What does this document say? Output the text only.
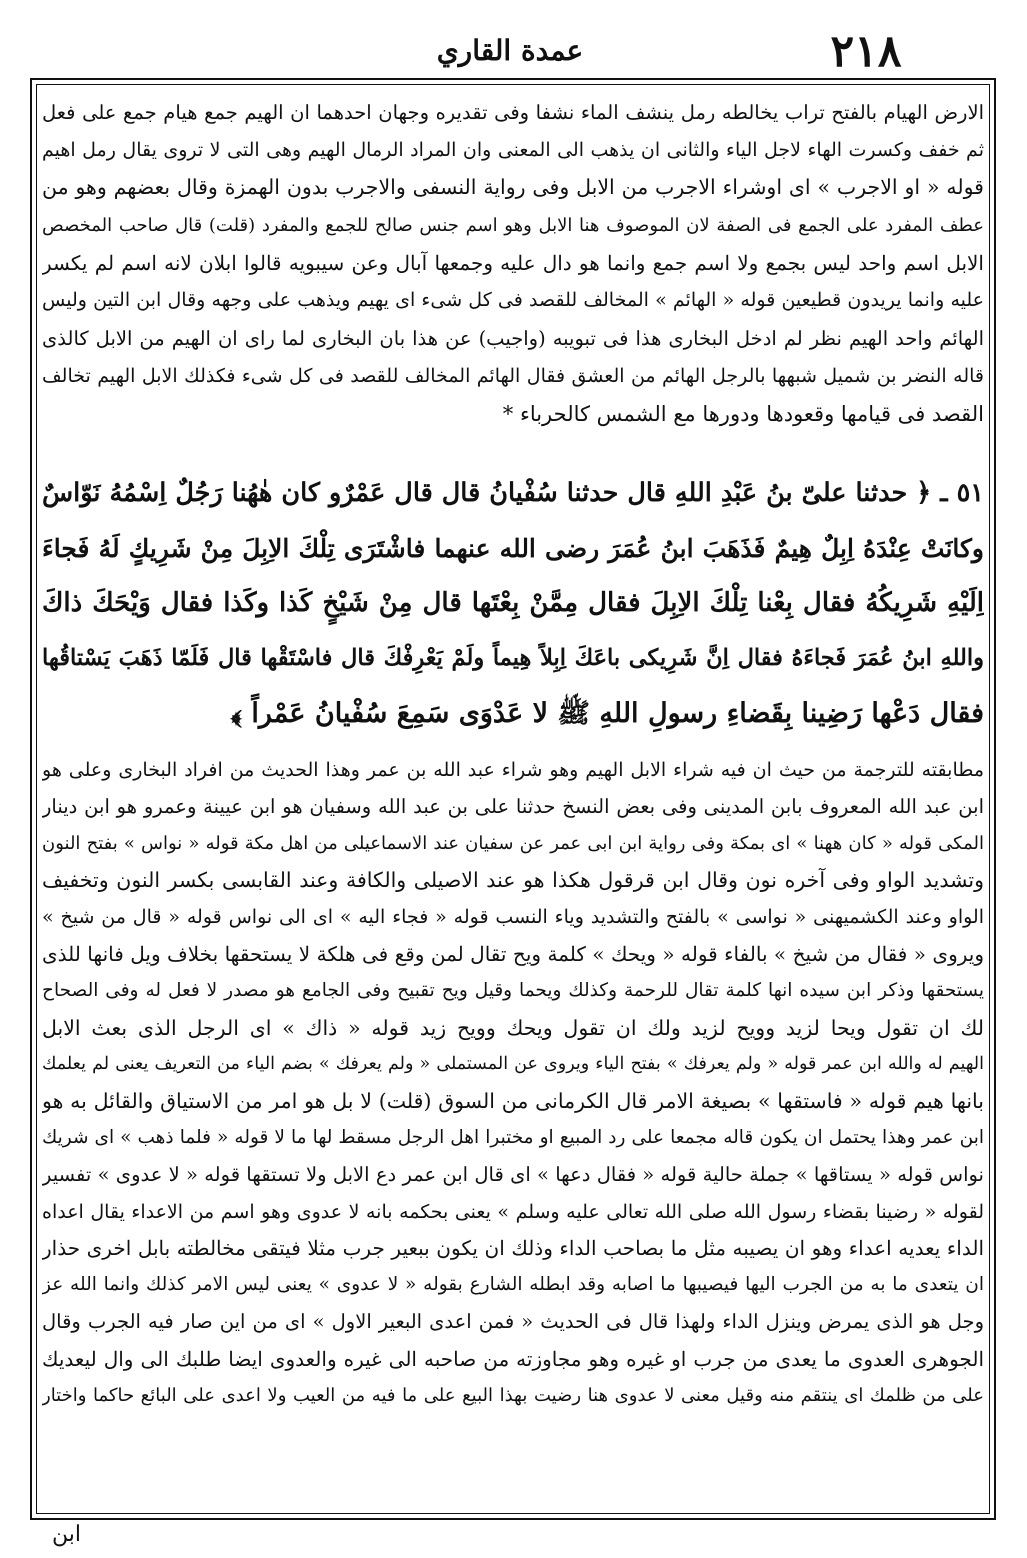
عمدة القاري	٢١٨
الارض الهيام بالفتح تراب يخالطه رمل ينشف الماء نشفا وفى تقديره وجهان احدهما ان الهيم جمع هيام جمع على فعل
ثم خفف وكسرت الهاء لاجل الياء والثانى ان يذهب الى المعنى وان المراد الرمال الهيم وهى التى لا تروى يقال رمل اهيم
قوله « او الاجرب » اى اوشراء الاجرب من الابل وفى رواية النسفى والاجرب بدون الهمزة وقال بعضهم وهو من
عطف المفرد على الجمع فى الصفة لان الموصوف هنا الابل وهو اسم جنس صالح للجمع والمفرد (قلت) قال صاحب المخصص
الابل اسم واحد ليس بجمع ولا اسم جمع وانما هو دال عليه وجمعها آبال وعن سيبويه قالوا ابلان لانه اسم لم يكسر
عليه وانما يريدون قطيعين قوله « الهائم » المخالف للقصد فى كل شىء اى يهيم ويذهب على وجهه وقال ابن التين وليس
الهائم واحد الهيم نظر لم ادخل البخارى هذا فى تبويبه (واجيب) عن هذا بان البخارى لما راى ان الهيم من الابل كالذى
قاله النضر بن شميل شبهها بالرجل الهائم من العشق فقال الهائم المخالف للقصد فى كل شىء فكذلك الابل الهيم تخالف
القصد فى قيامها وقعودها ودورها مع الشمس كالحرباء *
٥١ ـ ﴿ حدثنا علىّ بنُ عَبْدِ اللهِ قال حدثنا سُفْيانُ قال قال عَمْرٌو كان هٰهُنا رَجُلٌ اِسْمُهُ نَوّاسٌ
وكانَتْ عِنْدَهُ اِبِلٌ هِيمٌ فَذَهَبَ ابنُ عُمَرَ رضى الله عنهما فاشْتَرَى تِلْكَ الاِبِلَ مِنْ شَرِيكٍ لَهُ فَجاءَ
اِلَيْهِ شَرِيكُهُ فقال بِعْنا تِلْكَ الاِبِلَ فقال مِمَّنْ بِعْتَها قال مِنْ شَيْخٍ كَذا وكَذا فقال وَيْحَكَ ذاكَ
واللهِ ابنُ عُمَرَ فَجاءَهُ فقال اِنَّ شَرِيكى باعَكَ اِبِلاً هِيماً ولَمْ يَعْرِفْكَ قال فاسْتَقْها قال فَلَمّا ذَهَبَ يَسْتاقُها
فقال دَعْها رَضِينا بِقَضاءِ رسولِ اللهِ ﷺ لا عَدْوَى سَمِعَ سُفْيانُ عَمْراً ﴾
مطابقته للترجمة من حيث ان فيه شراء الابل الهيم وهو شراء عبد الله بن عمر وهذا الحديث من افراد البخارى وعلى هو
ابن عبد الله المعروف بابن المدينى وفى بعض النسخ حدثنا على بن عبد الله وسفيان هو ابن عيينة وعمرو هو ابن دينار
المكى قوله « كان ههنا » اى بمكة وفى رواية ابن ابى عمر عن سفيان عند الاسماعيلى من اهل مكة قوله « نواس » بفتح النون
وتشديد الواو وفى آخره نون وقال ابن قرقول هكذا هو عند الاصيلى والكافة وعند القابسى بكسر النون وتخفيف
الواو وعند الكشميهنى « نواسى » بالفتح والتشديد وياء النسب قوله « فجاء اليه » اى الى نواس قوله « قال من شيخ »
ويروى « فقال من شيخ » بالفاء قوله « ويحك » كلمة ويح تقال لمن وقع فى هلكة لا يستحقها بخلاف ويل فانها للذى
يستحقها وذكر ابن سيده انها كلمة تقال للرحمة وكذلك ويحما وقيل ويح تقبيح وفى الجامع هو مصدر لا فعل له وفى الصحاح
لك ان تقول ويحا لزيد وويح لزيد ولك ان تقول ويحك وويح زيد قوله « ذاك » اى الرجل الذى بعث الابل
الهيم له والله ابن عمر قوله « ولم يعرفك » بفتح الياء ويروى عن المستملى « ولم يعرفك » بضم الياء من التعريف يعنى لم يعلمك
بانها هيم قوله « فاستقها » بصيغة الامر قال الكرمانى من السوق (قلت) لا بل هو امر من الاستياق والقائل به هو
ابن عمر وهذا يحتمل ان يكون قاله مجمعا على رد المبيع او مختبرا اهل الرجل مسقط لها ما لا قوله « فلما ذهب » اى شريك
نواس قوله « يستاقها » جملة حالية قوله « فقال دعها » اى قال ابن عمر دع الابل ولا تستقها قوله « لا عدوى » تفسير
لقوله « رضينا بقضاء رسول الله صلى الله تعالى عليه وسلم » يعنى بحكمه بانه لا عدوى وهو اسم من الاعداء يقال اعداه
الداء يعديه اعداء وهو ان يصيبه مثل ما بصاحب الداء وذلك ان يكون ببعير جرب مثلا فيتقى مخالطته بابل اخرى حذار
ان يتعدى ما به من الجرب اليها فيصيبها ما اصابه وقد ابطله الشارع بقوله « لا عدوى » يعنى ليس الامر كذلك وانما الله عز
وجل هو الذى يمرض وينزل الداء ولهذا قال فى الحديث « فمن اعدى البعير الاول » اى من اين صار فيه الجرب وقال
الجوهرى العدوى ما يعدى من جرب او غيره وهو مجاوزته من صاحبه الى غيره والعدوى ايضا طلبك الى وال ليعديك
على من ظلمك اى ينتقم منه وقيل معنى لا عدوى هنا رضيت بهذا البيع على ما فيه من العيب ولا اعدى على البائع حاكما واختار
ابن
